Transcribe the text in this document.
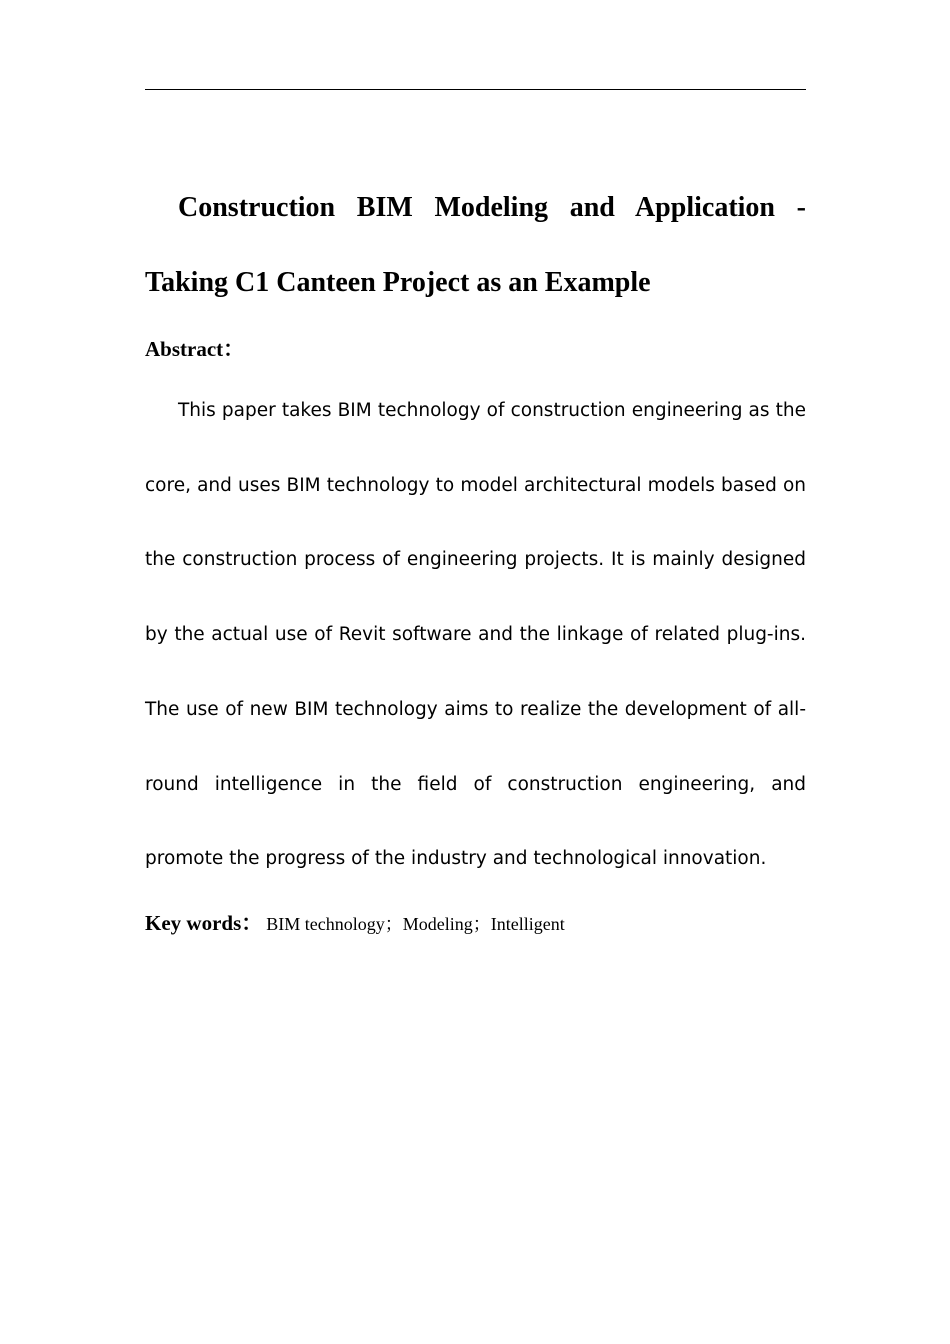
Construction BIM Modeling and Application - Taking C1 Canteen Project as an Example
Abstract：

This paper takes BIM technology of construction engineering as the core, and uses BIM technology to model architectural models based on the construction process of engineering projects. It is mainly designed by the actual use of Revit software and the linkage of related plug-ins. The use of new BIM technology aims to realize the development of all-round intelligence in the field of construction engineering, and promote the progress of the industry and technological innovation.

Key words： BIM technology；Modeling；Intelligent
